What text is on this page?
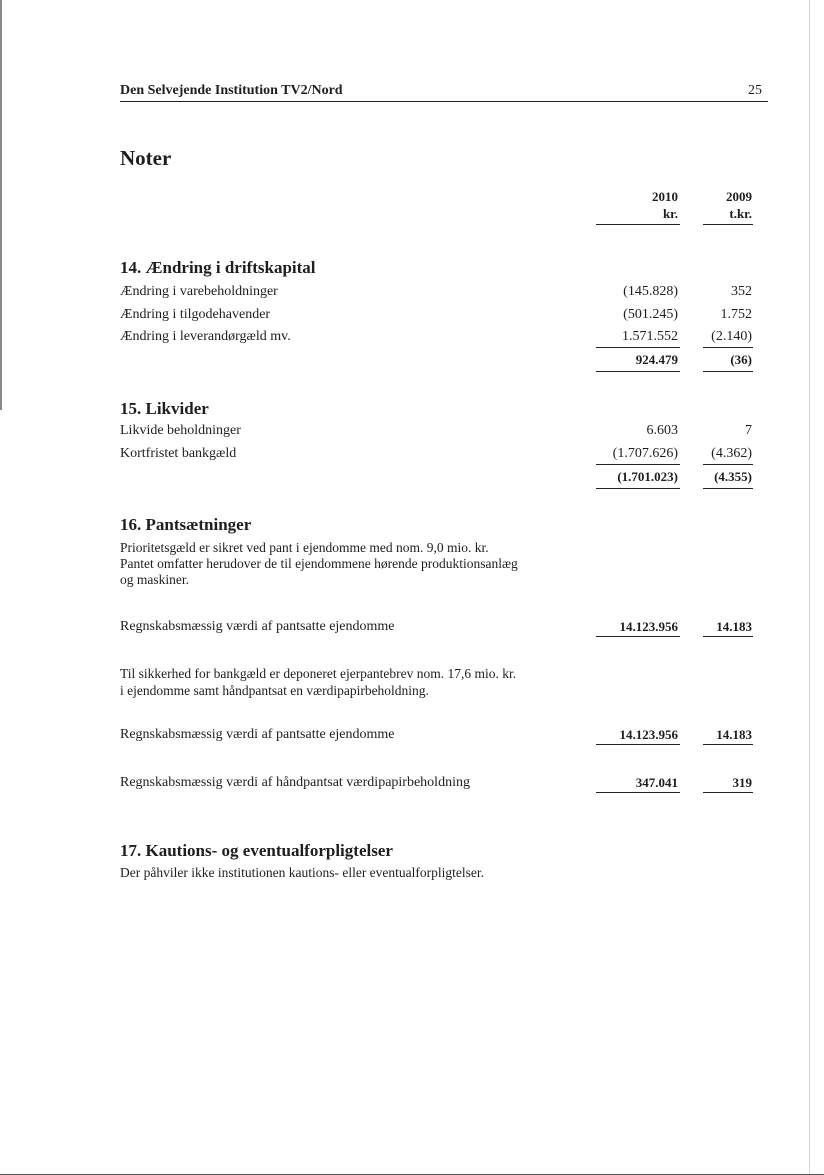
Den Selvejende Institution TV2/Nord	25
Noter
2010
kr.
2009
t.kr.
14. Ændring i driftskapital
Ændring i varebeholdninger	(145.828)	352
Ændring i tilgodehavender	(501.245)	1.752
Ændring i leverandørgæld mv.	1.571.552	(2.140)
924.479	(36)
15. Likvider
Likvide beholdninger	6.603	7
Kortfristet bankgæld	(1.707.626)	(4.362)
(1.701.023)	(4.355)
16. Pantsætninger
Prioritetsgæld er sikret ved pant i ejendomme med nom. 9,0 mio. kr.
Pantet omfatter herudover de til ejendommene hørende produktionsanlæg
og maskiner.
Regnskabsmæssig værdi af pantsatte ejendomme	14.123.956	14.183
Til sikkerhed for bankgæld er deponeret ejerpantebrev nom. 17,6 mio. kr.
i ejendomme samt håndpantsat en værdipapirbeholdning.
Regnskabsmæssig værdi af pantsatte ejendomme	14.123.956	14.183
Regnskabsmæssig værdi af håndpantsat værdipapirbeholdning	347.041	319
17. Kautions- og eventualforpligtelser
Der påhviler ikke institutionen kautions- eller eventualforpligtelser.
